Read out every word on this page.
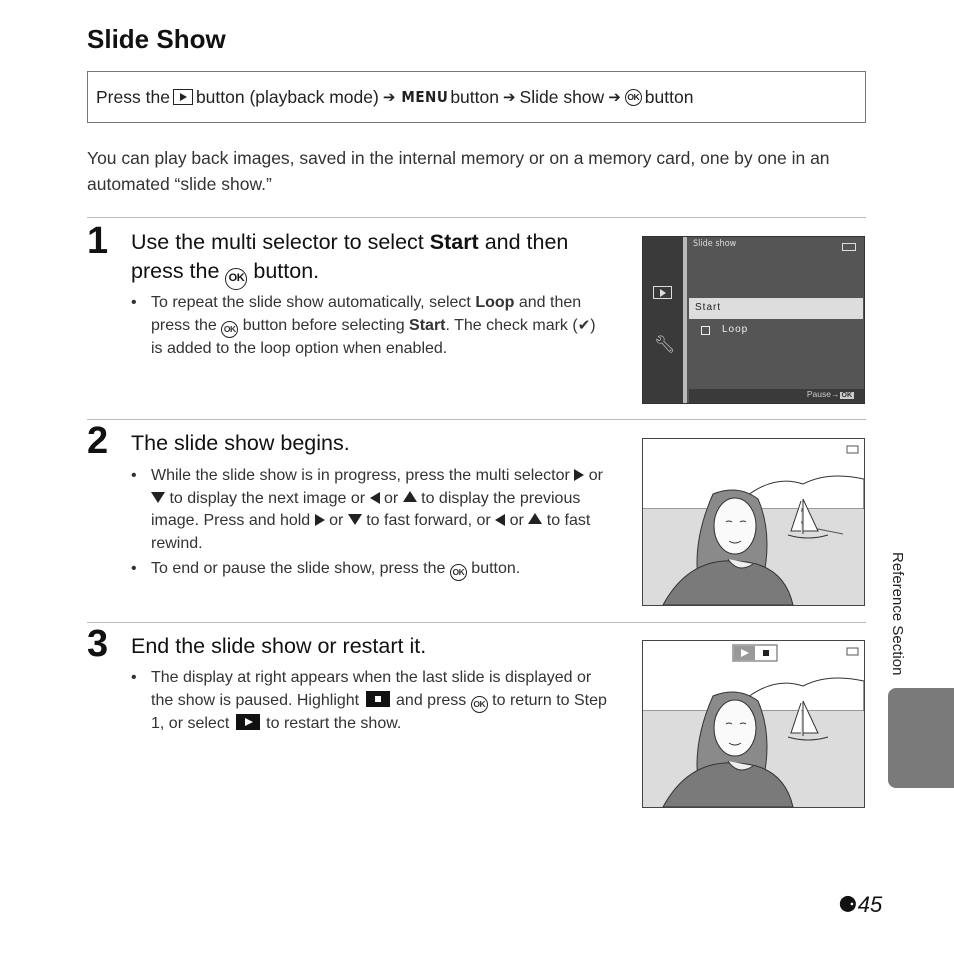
Slide Show
Press the button (playback mode) ➔ MENU button ➔ Slide show ➔ OK button
You can play back images, saved in the internal memory or on a memory card, one by one in an automated “slide show.”
1 Use the multi selector to select Start and then press the OK button.
• To repeat the slide show automatically, select Loop and then press the OK button before selecting Start. The check mark (✔) is added to the loop option when enabled.	🔧︎
Slide show
Start
Loop
Pause→ OK
2 The slide show begins.
• While the slide show is in progress, press the multi selector  or  to display the next image or  or  to display the previous image. Press and hold  or  to fast forward, or  or  to fast rewind.
• To end or pause the slide show, press the OK button.
3 End the slide show or restart it.
• The display at right appears when the last slide is displayed or the show is paused. Highlight  and press OK to return to Step 1, or select  to restart the show.
Reference Section
⚈45
